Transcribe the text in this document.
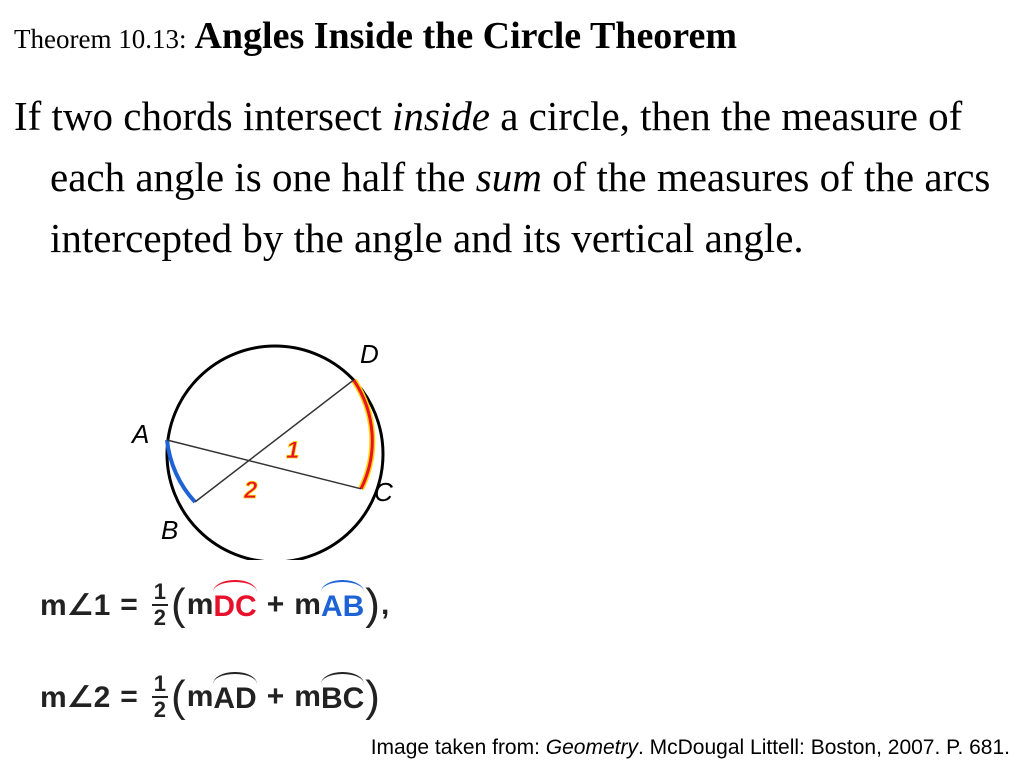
Theorem 10.13: Angles Inside the Circle Theorem

If two chords intersect inside a circle, then the measure of each angle is one half the sum of the measures of the arcs intercepted by the angle and its vertical angle.

D
A
C
B
1
2
m∠1 = $\frac{1}{2}$ ( m DC + m AB ) ,
m∠2 = $\frac{1}{2}$ ( m AD + m BC )

Image taken from: Geometry. McDougal Littell: Boston, 2007. P. 681.
